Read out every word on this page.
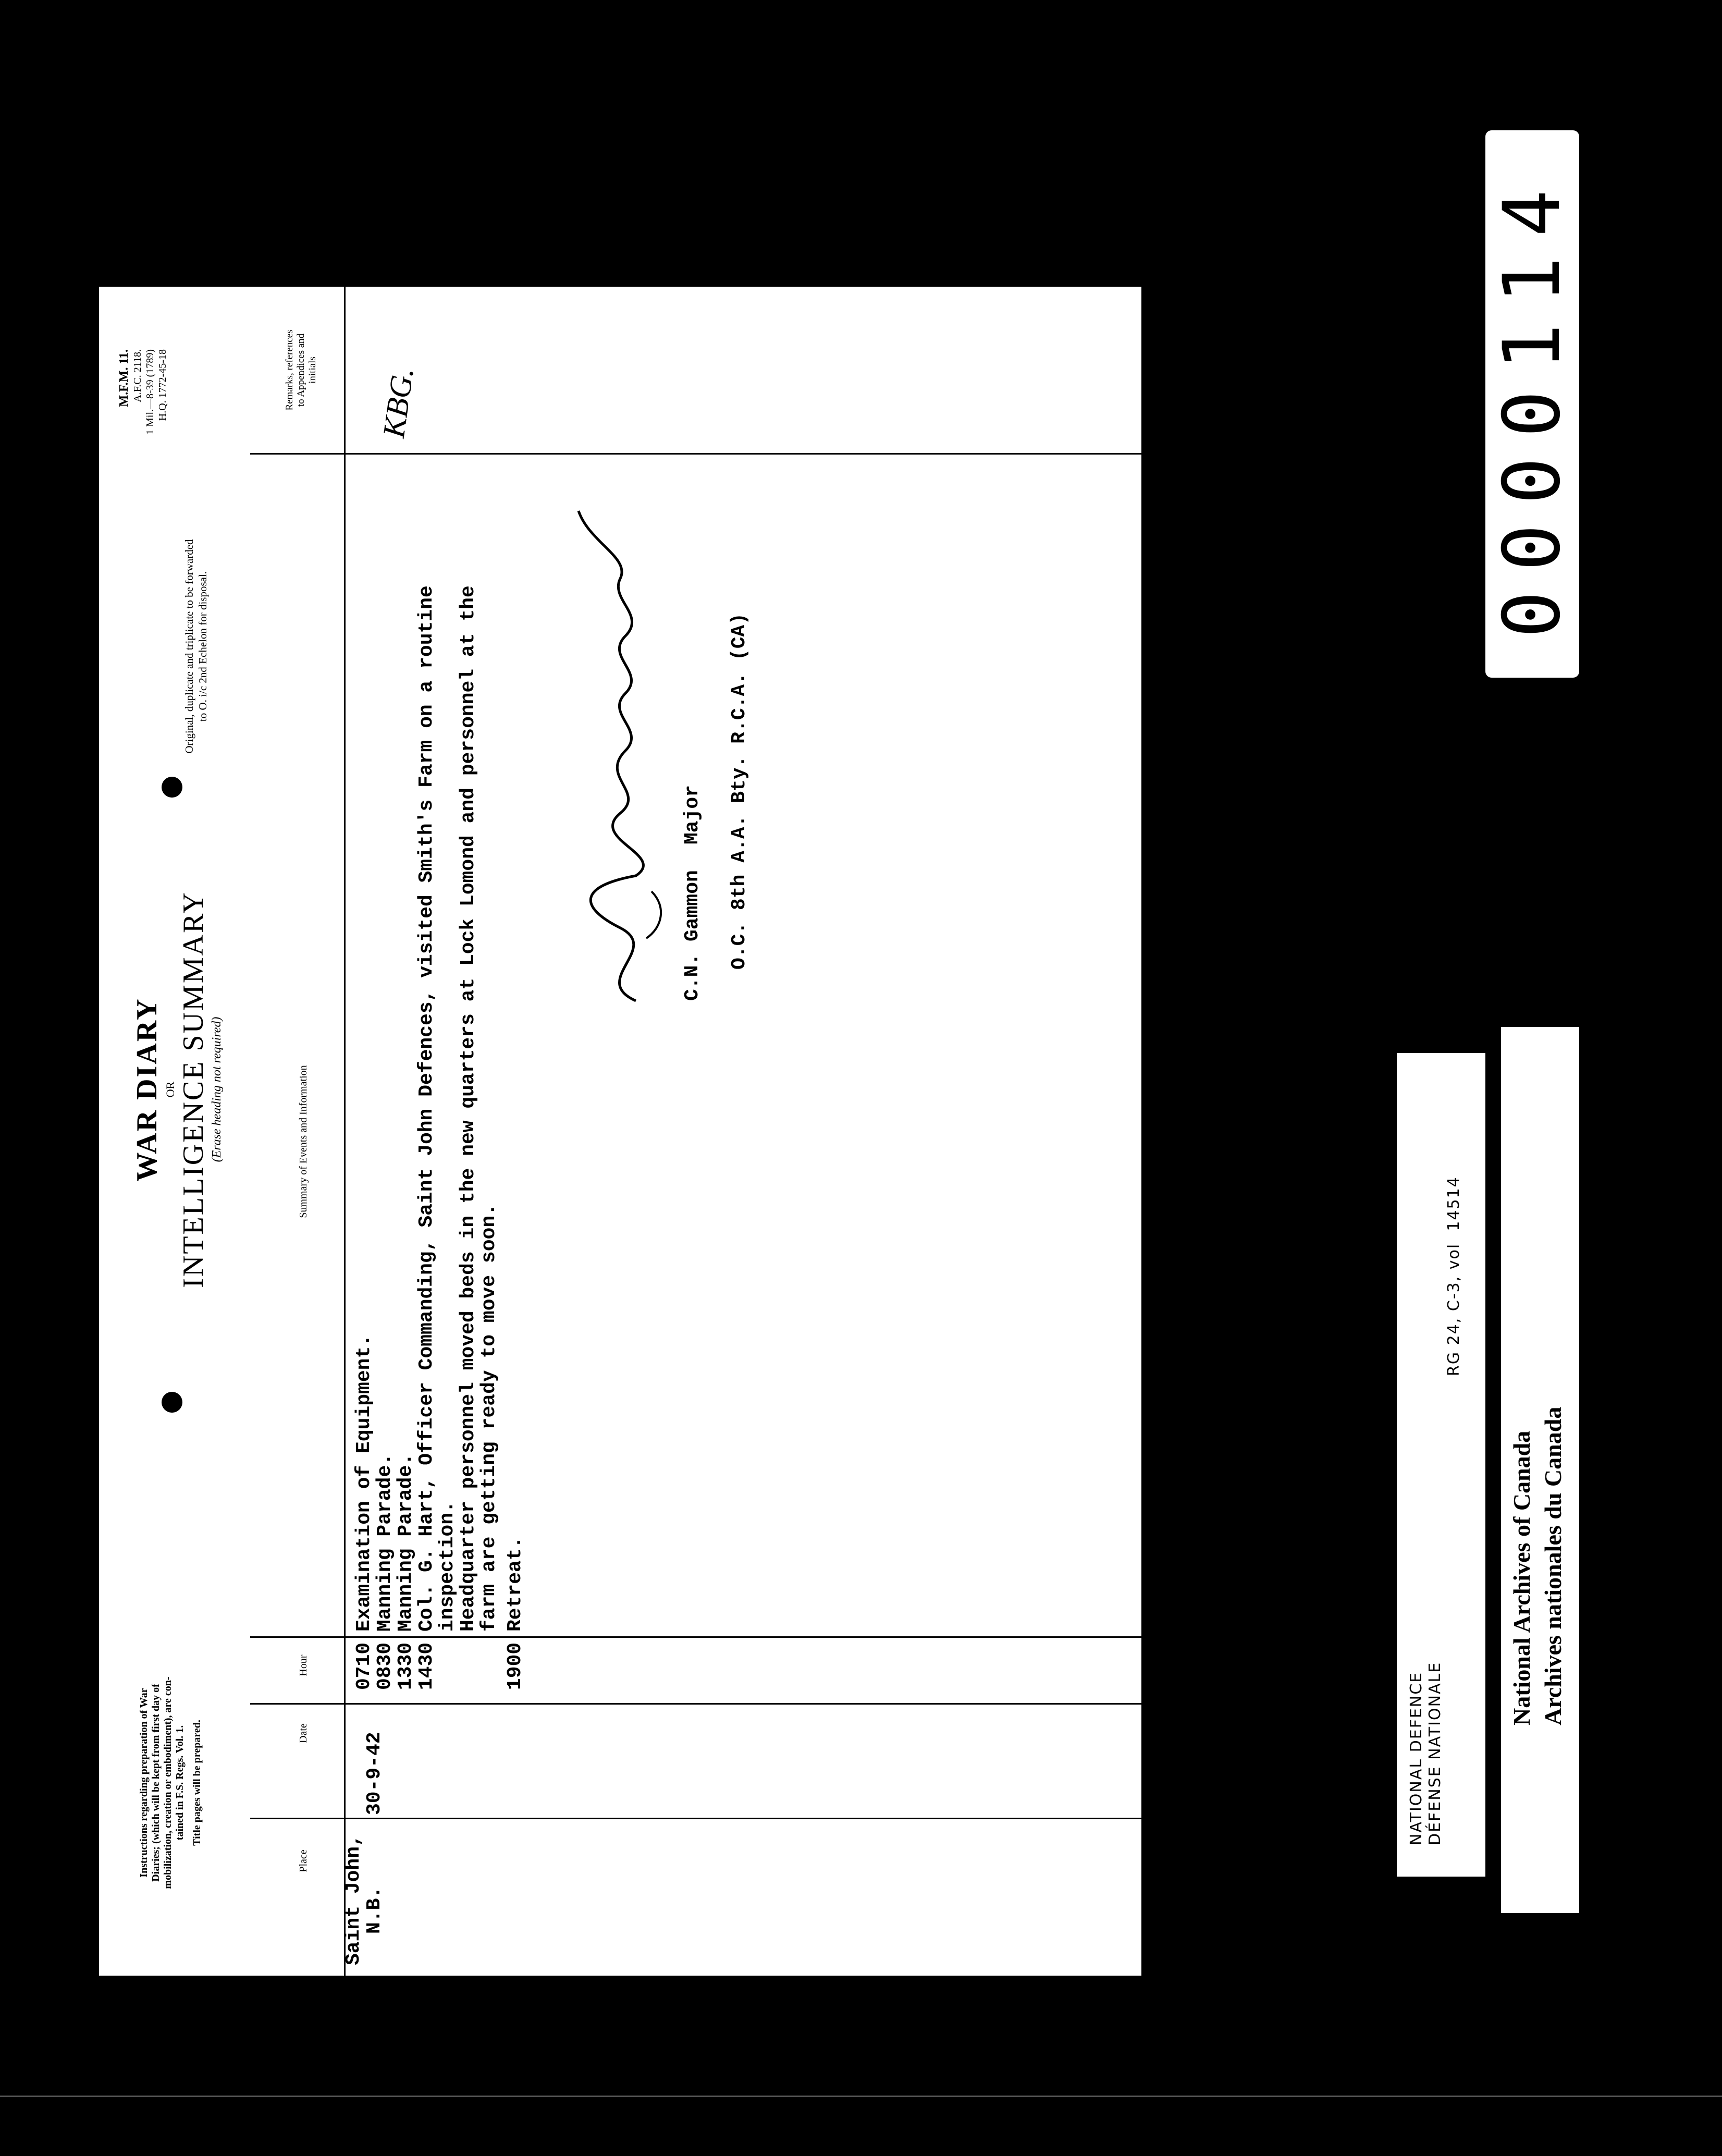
M.F.M. 11. A.F.C. 2118. 1 Mil.—8-39 (1789) H.Q. 1772-45-18
Original, duplicate and triplicate to be forwarded to O. i/c 2nd Echelon for disposal.
WAR DIARY OR INTELLIGENCE SUMMARY (Erase heading not required)
Instructions regarding preparation of War Diaries; (which will be kept from first day of mobilization, creation or embodiment), are con- tained in F.S. Regs. Vol. 1. Title pages will be prepared.
Place
Date
Hour
Summary of Events and Information
Remarks, references to Appendices and initials
Saint John,
N.B.
30-9-42
0710
0830
1330
1430	1900
Examination of Equipment.
Manning Parade.
Manning Parade.
Col. G. Hart, Officer Commanding, Saint John Defences, visited Smith's Farm on a routine
inspection.
Headquarter personnel moved beds in the new quarters at Lock Lomond and personnel at the
farm are getting ready to move soon. Retreat.
C.N. Gammon
Major O.C. 8th A.A. Bty. R.C.A. (CA)
KBG.	0000114
NATIONAL DEFENCE DÉFENSE NATIONALE

RG 24, C-3, vol  14514

National Archives of Canada Archives nationales du Canada
